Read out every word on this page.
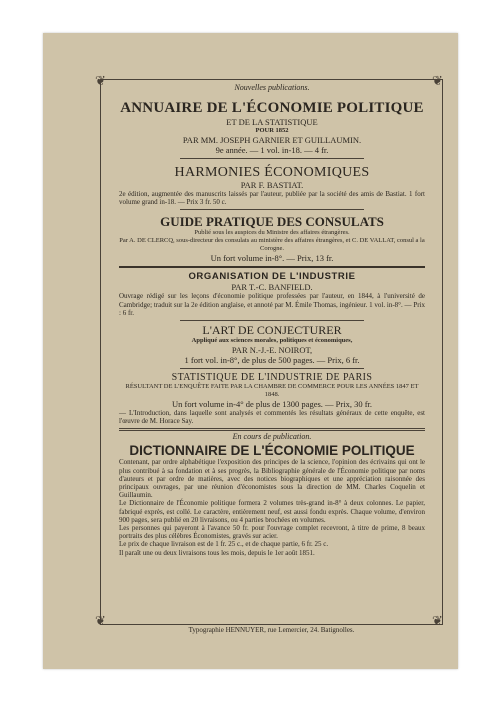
❦	❦
❦	❦
Nouvelles publications.
ANNUAIRE DE L'ÉCONOMIE POLITIQUE
ET DE LA STATISTIQUE
POUR 1852
PAR MM. JOSEPH GARNIER ET GUILLAUMIN.
9e année. — 1 vol. in-18. — 4 fr.
HARMONIES ÉCONOMIQUES
PAR F. BASTIAT.
2e édition, augmentée des manuscrits laissés par l'auteur, publiée par la société des amis de Bastiat. 1 fort volume grand in-18. — Prix 3 fr. 50 c.
GUIDE PRATIQUE DES CONSULATS
Publié sous les auspices du Ministre des affaires étrangères.
Par A. DE CLERCQ, sous-directeur des consulats au ministère des affaires étrangères, et C. DE VALLAT, consul a la Corogne.
Un fort volume in-8°. — Prix, 13 fr.
ORGANISATION DE L'INDUSTRIE
PAR T.-C. BANFIELD.
Ouvrage rédigé sur les leçons d'économie politique professées par l'auteur, en 1844, à l'université de Cambridge; traduit sur la 2e édition anglaise, et annoté par M. Émile Thomas, ingénieur. 1 vol. in-8°. — Prix : 6 fr.
L'ART DE CONJECTURER
Appliqué aux sciences morales, politiques et économiques,
PAR N.-J.-E. NOIROT,
1 fort vol. in-8°, de plus de 500 pages. — Prix, 6 fr.
STATISTIQUE DE L'INDUSTRIE DE PARIS
RÉSULTANT DE L'ENQUÊTE FAITE PAR LA CHAMBRE DE COMMERCE POUR LES ANNÉES 1847 ET 1848.
Un fort volume in-4° de plus de 1300 pages. — Prix, 30 fr.
— L'Introduction, dans laquelle sont analysés et commentés les résultats généraux de cette enquête, est l'œuvre de M. Horace Say.
En cours de publication.
DICTIONNAIRE DE L'ÉCONOMIE POLITIQUE
Contenant, par ordre alphabétique l'exposition des principes de la science, l'opinion des écrivains qui ont le plus contribué à sa fondation et à ses progrès, la Bibliographie générale de l'Économie politique par noms d'auteurs et par ordre de matières, avec des notices biographiques et une appréciation raisonnée des principaux ouvrages, par une réunion d'économistes sous la direction de MM. Charles Coquelin et Guillaumin.
Le Dictionnaire de l'Économie politique formera 2 volumes très-grand in-8° à deux colonnes. Le papier, fabriqué exprès, est collé. Le caractère, entièrement neuf, est aussi fondu exprès. Chaque volume, d'environ 900 pages, sera publié en 20 livraisons, ou 4 parties brochées en volumes.
Les personnes qui payeront à l'avance 50 fr. pour l'ouvrage complet recevront, à titre de prime, 8 beaux portraits des plus célèbres Économistes, gravés sur acier.
Le prix de chaque livraison est de 1 fr. 25 c., et de chaque partie, 6 fr. 25 c.
Il paraît une ou deux livraisons tous les mois, depuis le 1er août 1851.
Typographie HENNUYER, rue Lemercier, 24. Batignolles.
